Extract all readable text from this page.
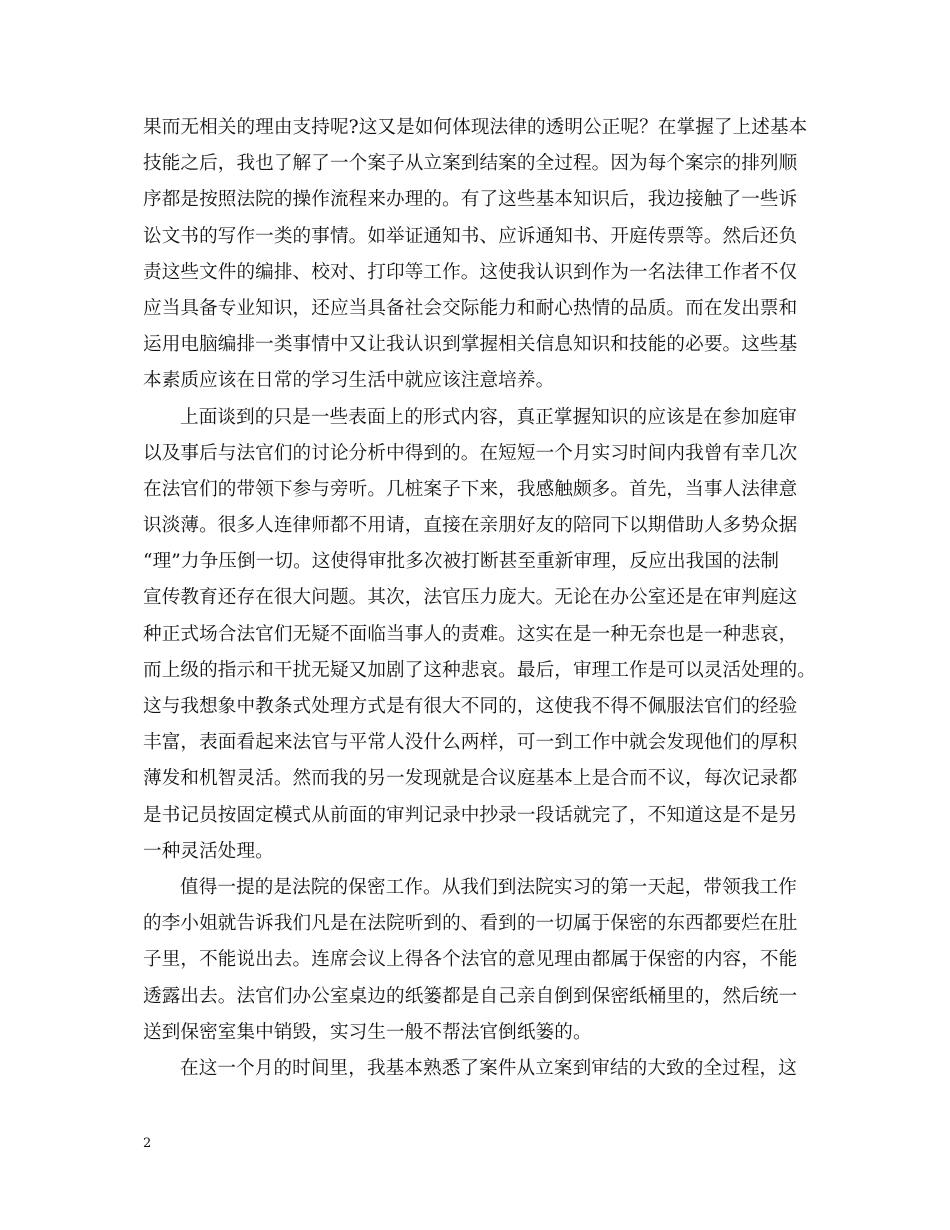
果而无相关的理由支持呢?这又是如何体现法律的透明公正呢？在掌握了上述基本
技能之后，我也了解了一个案子从立案到结案的全过程。因为每个案宗的排列顺
序都是按照法院的操作流程来办理的。有了这些基本知识后，我边接触了一些诉
讼文书的写作一类的事情。如举证通知书、应诉通知书、开庭传票等。然后还负
责这些文件的编排、校对、打印等工作。这使我认识到作为一名法律工作者不仅
应当具备专业知识，还应当具备社会交际能力和耐心热情的品质。而在发出票和
运用电脑编排一类事情中又让我认识到掌握相关信息知识和技能的必要。这些基
本素质应该在日常的学习生活中就应该注意培养。
上面谈到的只是一些表面上的形式内容，真正掌握知识的应该是在参加庭审
以及事后与法官们的讨论分析中得到的。在短短一个月实习时间内我曾有幸几次
在法官们的带领下参与旁听。几桩案子下来，我感触颇多。首先，当事人法律意
识淡薄。很多人连律师都不用请，直接在亲朋好友的陪同下以期借助人多势众据
“理”力争压倒一切。这使得审批多次被打断甚至重新审理，反应出我国的法制
宣传教育还存在很大问题。其次，法官压力庞大。无论在办公室还是在审判庭这
种正式场合法官们无疑不面临当事人的责难。这实在是一种无奈也是一种悲哀，
而上级的指示和干扰无疑又加剧了这种悲哀。最后，审理工作是可以灵活处理的。
这与我想象中教条式处理方式是有很大不同的，这使我不得不佩服法官们的经验
丰富，表面看起来法官与平常人没什么两样，可一到工作中就会发现他们的厚积
薄发和机智灵活。然而我的另一发现就是合议庭基本上是合而不议，每次记录都
是书记员按固定模式从前面的审判记录中抄录一段话就完了，不知道这是不是另
一种灵活处理。
值得一提的是法院的保密工作。从我们到法院实习的第一天起，带领我工作
的李小姐就告诉我们凡是在法院听到的、看到的一切属于保密的东西都要烂在肚
子里，不能说出去。连席会议上得各个法官的意见理由都属于保密的内容，不能
透露出去。法官们办公室桌边的纸篓都是自己亲自倒到保密纸桶里的，然后统一
送到保密室集中销毁，实习生一般不帮法官倒纸篓的。
在这一个月的时间里，我基本熟悉了案件从立案到审结的大致的全过程，这
2
